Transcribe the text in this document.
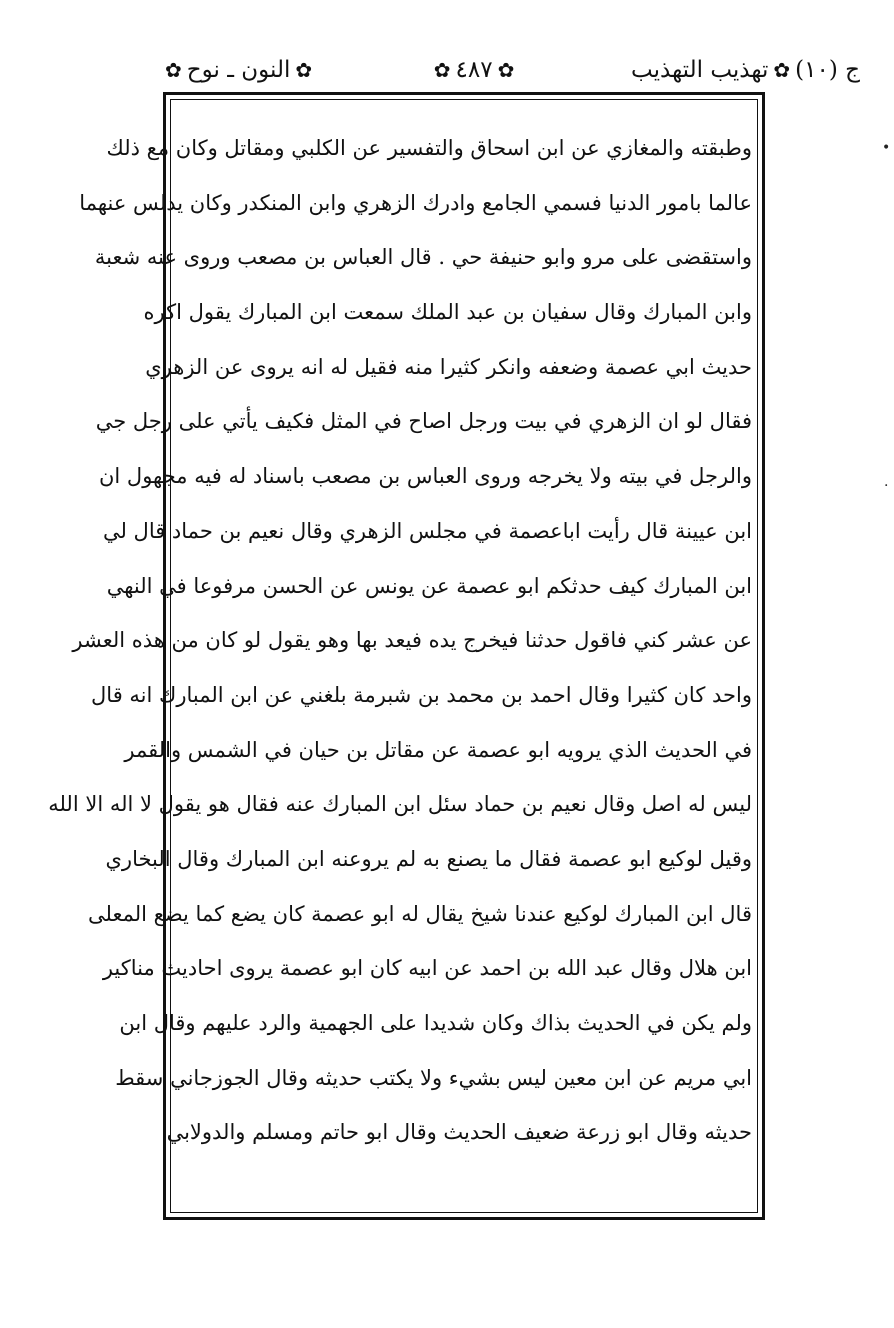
ج (١٠)
✿
تهذيب التهذيب
✿
٤٨٧
✿
✿
النون ـ نوح
✿
وطبقته والمغازي عن ابن اسحاق والتفسير عن الكلبي ومقاتل وكان مع ذلك
عالما بامور الدنيا فسمي الجامع وادرك الزهري وابن المنكدر وكان يدلس عنهما
واستقضى على مرو وابو حنيفة حي . قال العباس بن مصعب وروى عنه شعبة
وابن المبارك وقال سفيان بن عبد الملك سمعت ابن المبارك يقول اكره
حديث ابي عصمة وضعفه وانكر كثيرا منه فقيل له انه يروى عن الزهري
فقال لو ان الزهري في بيت ورجل اصاح في المثل فكيف يأتي على رجل جي
والرجل في بيته ولا يخرجه وروى العباس بن مصعب باسناد له فيه مجهول ان
ابن عيينة قال رأيت اباعصمة في مجلس الزهري وقال نعيم بن حماد قال لي
ابن المبارك كيف حدثكم ابو عصمة عن يونس عن الحسن مرفوعا في النهي
عن عشر كني فاقول حدثنا فيخرج يده فيعد بها وهو يقول لو كان من هذه العشر
واحد كان كثيرا وقال احمد بن محمد بن شبرمة بلغني عن ابن المبارك انه قال
في الحديث الذي يرويه ابو عصمة عن مقاتل بن حيان في الشمس والقمر
ليس له اصل وقال نعيم بن حماد سئل ابن المبارك عنه فقال هو يقول لا اله الا الله
وقيل لوكيع ابو عصمة فقال ما يصنع به لم يروعنه ابن المبارك وقال البخاري
قال ابن المبارك لوكيع عندنا شيخ يقال له ابو عصمة كان يضع كما يضع المعلى
ابن هلال وقال عبد الله بن احمد عن ابيه كان ابو عصمة يروى احاديث مناكير
ولم يكن في الحديث بذاك وكان شديدا على الجهمية والرد عليهم وقال ابن
ابي مريم عن ابن معين ليس بشيء ولا يكتب حديثه وقال الجوزجاني سقط
حديثه وقال ابو زرعة ضعيف الحديث وقال ابو حاتم ومسلم والدولابي
•
·
